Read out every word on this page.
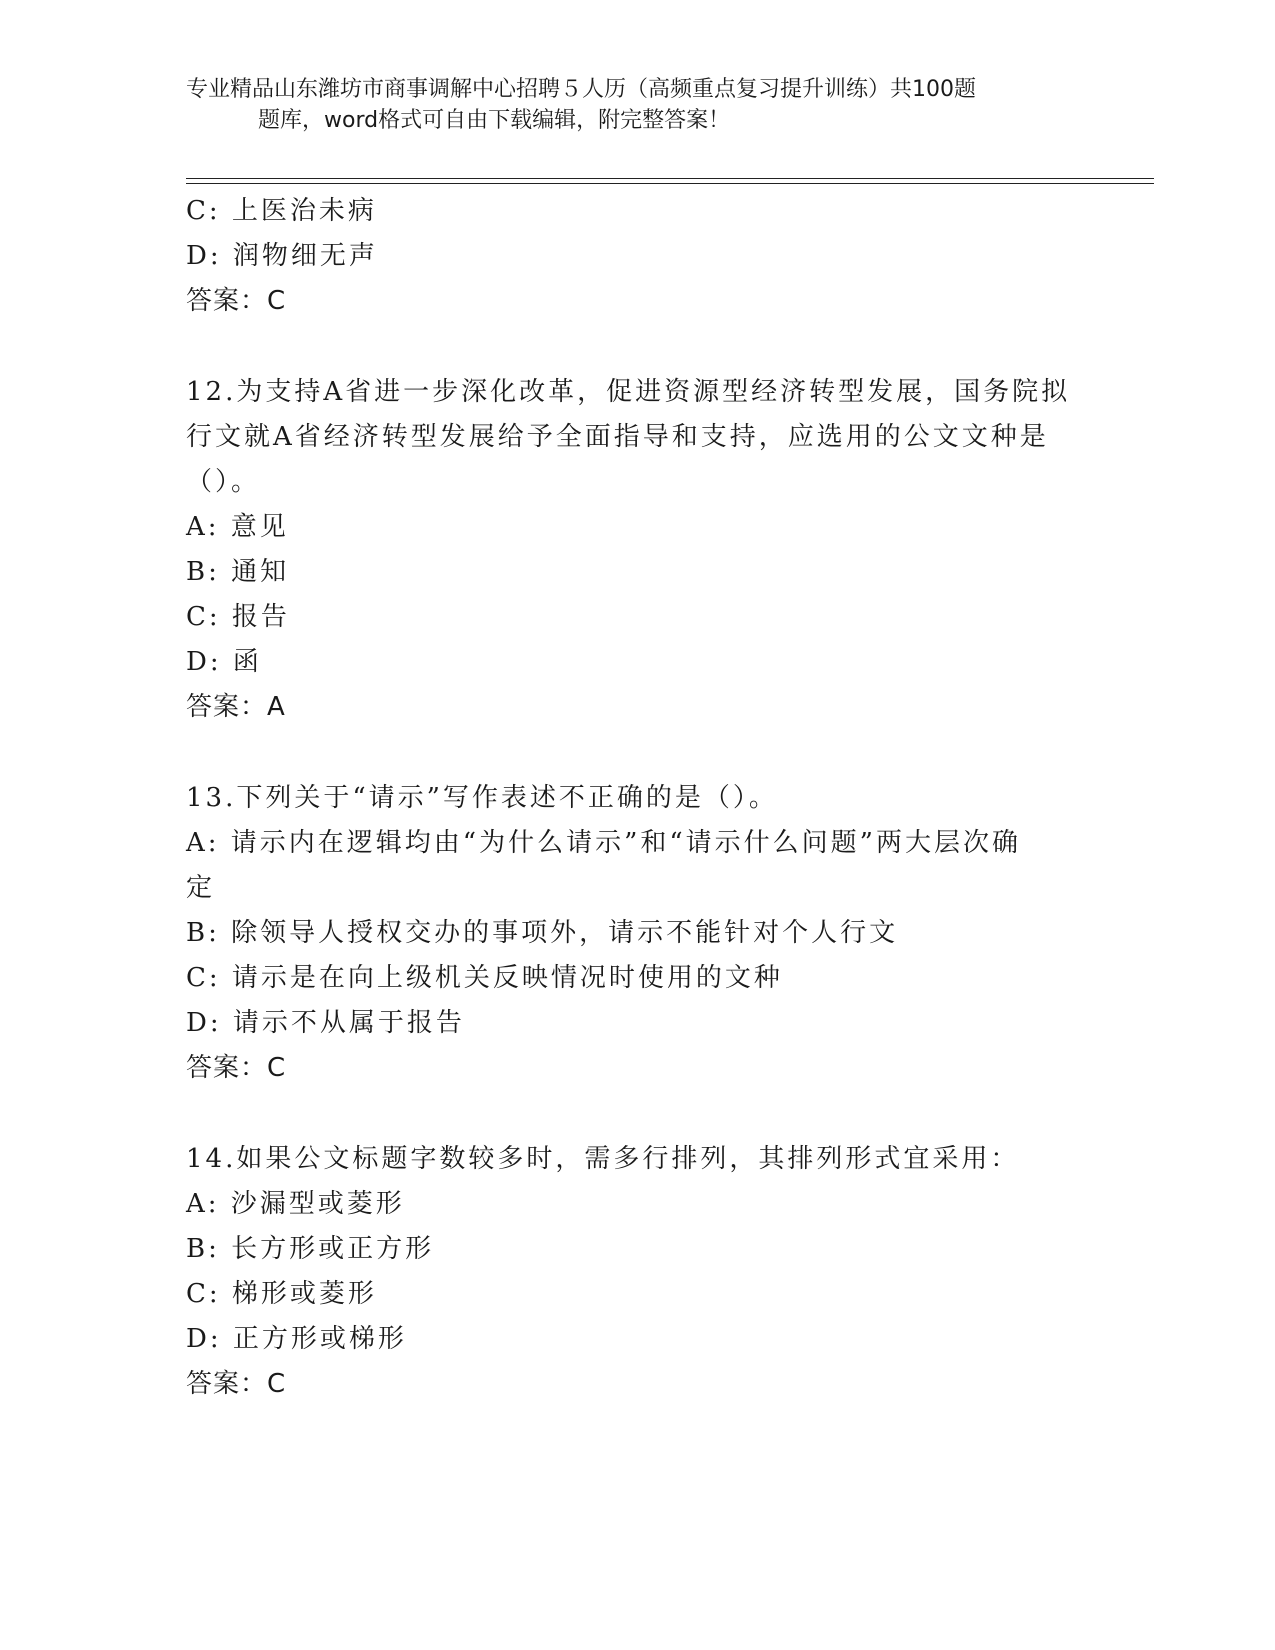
专业精品山东潍坊市商事调解中心招聘５人历（高频重点复习提升训练）共100题
题库，word格式可自由下载编辑，附完整答案！
C: 上医治未病
D: 润物细无声
答案：C
12.为支持A省进一步深化改革，促进资源型经济转型发展，国务院拟
行文就A省经济转型发展给予全面指导和支持，应选用的公文文种是
（）。
A: 意见
B: 通知
C: 报告
D: 函
答案：A
13.下列关于“请示”写作表述不正确的是（）。
A: 请示内在逻辑均由“为什么请示”和“请示什么问题”两大层次确
定
B: 除领导人授权交办的事项外，请示不能针对个人行文
C: 请示是在向上级机关反映情况时使用的文种
D: 请示不从属于报告
答案：C
14.如果公文标题字数较多时，需多行排列，其排列形式宜采用：
A: 沙漏型或菱形
B: 长方形或正方形
C: 梯形或菱形
D: 正方形或梯形
答案：C
